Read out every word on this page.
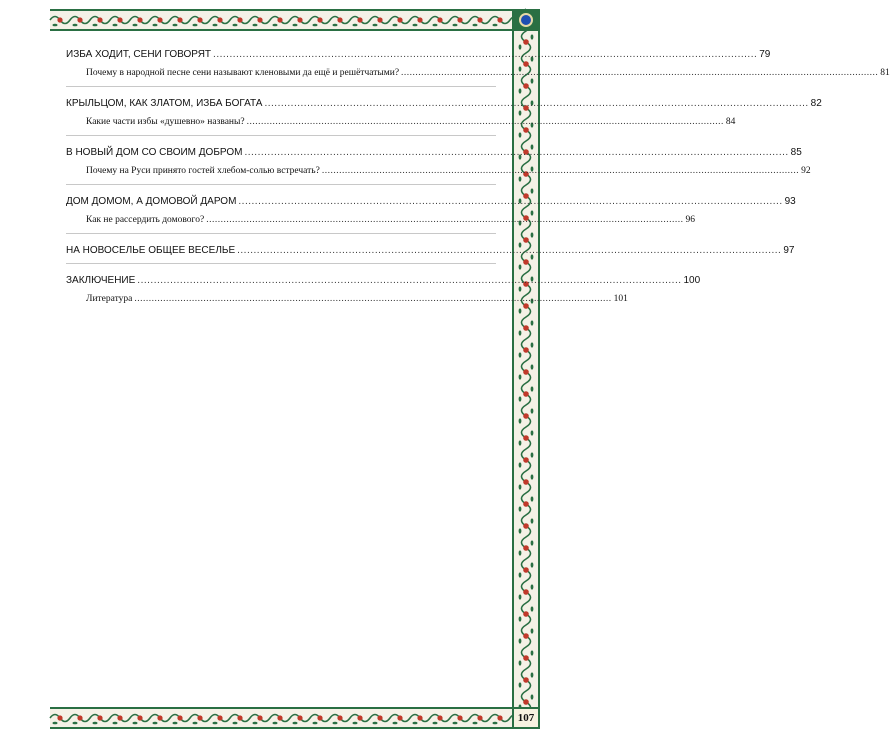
107
ИЗБА ХОДИТ, СЕНИ ГОВОРЯТ ...................................................................................................................................................................... 79
Почему в народной песне сени называют кленовыми да ещё и решётчатыми? ...................................................................................................................................................................... 81
КРЫЛЬЦОМ, КАК ЗЛАТОМ, ИЗБА БОГАТА ...................................................................................................................................................................... 82
Какие части избы «душевно» названы? ...................................................................................................................................................................... 84
В НОВЫЙ ДОМ СО СВОИМ ДОБРОМ ...................................................................................................................................................................... 85
Почему на Руси принято гостей хлебом-солью встречать? ...................................................................................................................................................................... 92
ДОМ ДОМОМ, А ДОМОВОЙ ДАРОМ ...................................................................................................................................................................... 93
Как не рассердить домового? ...................................................................................................................................................................... 96
НА НОВОСЕЛЬЕ ОБЩЕЕ ВЕСЕЛЬЕ ...................................................................................................................................................................... 97
ЗАКЛЮЧЕНИЕ ...................................................................................................................................................................... 100
Литература ...................................................................................................................................................................... 101
